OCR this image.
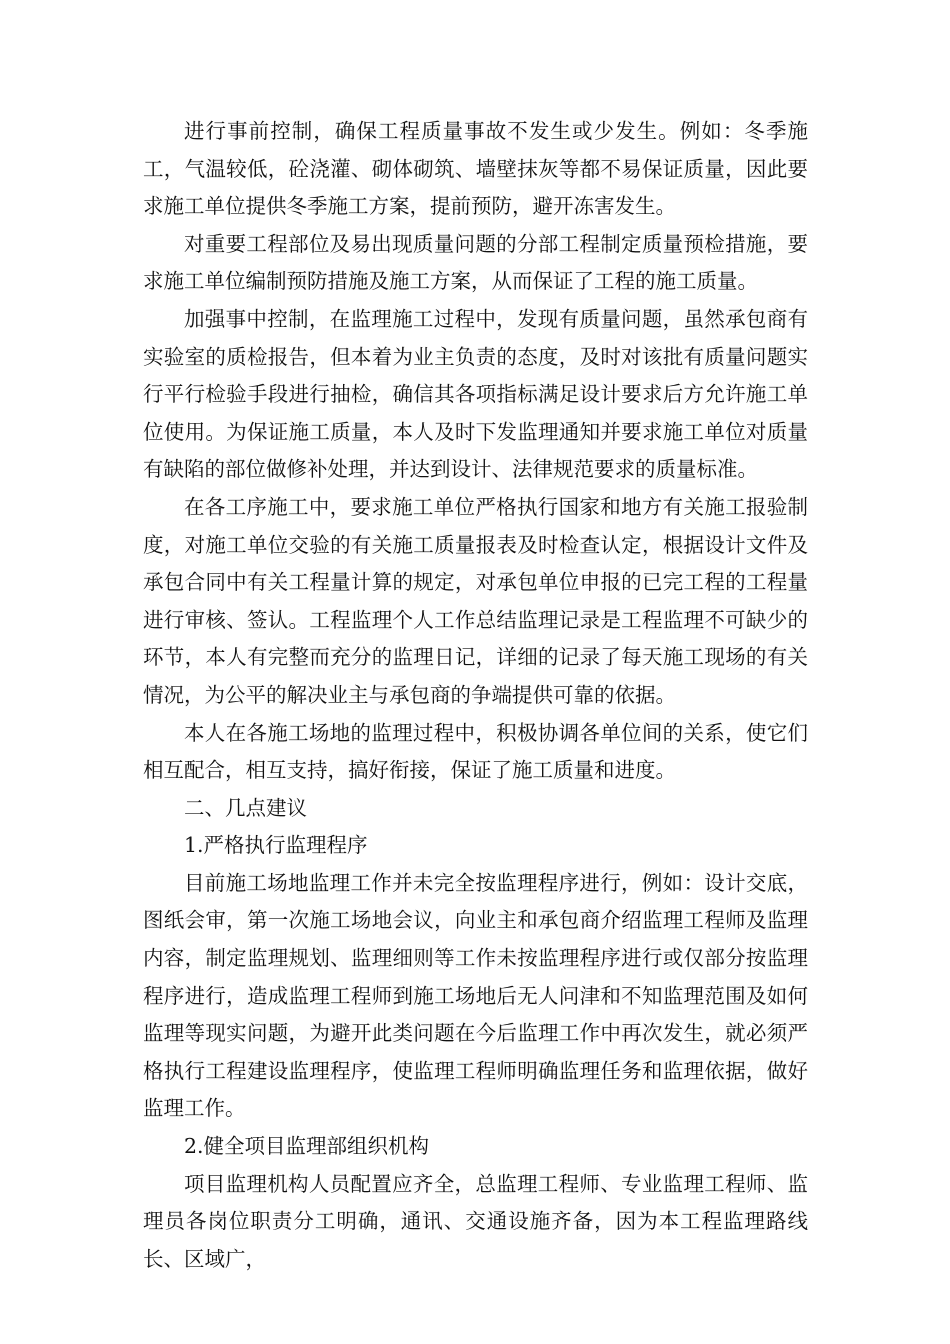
进行事前控制，确保工程质量事故不发生或少发生。例如：冬季施工，气温较低，砼浇灌、砌体砌筑、墙壁抹灰等都不易保证质量，因此要求施工单位提供冬季施工方案，提前预防，避开冻害发生。

对重要工程部位及易出现质量问题的分部工程制定质量预检措施，要求施工单位编制预防措施及施工方案，从而保证了工程的施工质量。

加强事中控制，在监理施工过程中，发现有质量问题，虽然承包商有实验室的质检报告，但本着为业主负责的态度，及时对该批有质量问题实行平行检验手段进行抽检，确信其各项指标满足设计要求后方允许施工单位使用。为保证施工质量，本人及时下发监理通知并要求施工单位对质量有缺陷的部位做修补处理，并达到设计、法律规范要求的质量标准。

在各工序施工中，要求施工单位严格执行国家和地方有关施工报验制度，对施工单位交验的有关施工质量报表及时检查认定，根据设计文件及承包合同中有关工程量计算的规定，对承包单位申报的已完工程的工程量进行审核、签认。工程监理个人工作总结监理记录是工程监理不可缺少的环节，本人有完整而充分的监理日记，详细的记录了每天施工现场的有关情况，为公平的解决业主与承包商的争端提供可靠的依据。

本人在各施工场地的监理过程中，积极协调各单位间的关系，使它们相互配合，相互支持，搞好衔接，保证了施工质量和进度。

二、几点建议

1.严格执行监理程序

目前施工场地监理工作并未完全按监理程序进行，例如：设计交底，图纸会审，第一次施工场地会议，向业主和承包商介绍监理工程师及监理内容，制定监理规划、监理细则等工作未按监理程序进行或仅部分按监理程序进行，造成监理工程师到施工场地后无人问津和不知监理范围及如何监理等现实问题，为避开此类问题在今后监理工作中再次发生，就必须严格执行工程建设监理程序，使监理工程师明确监理任务和监理依据，做好监理工作。

2.健全项目监理部组织机构

项目监理机构人员配置应齐全，总监理工程师、专业监理工程师、监理员各岗位职责分工明确，通讯、交通设施齐备，因为本工程监理路线长、区域广，
